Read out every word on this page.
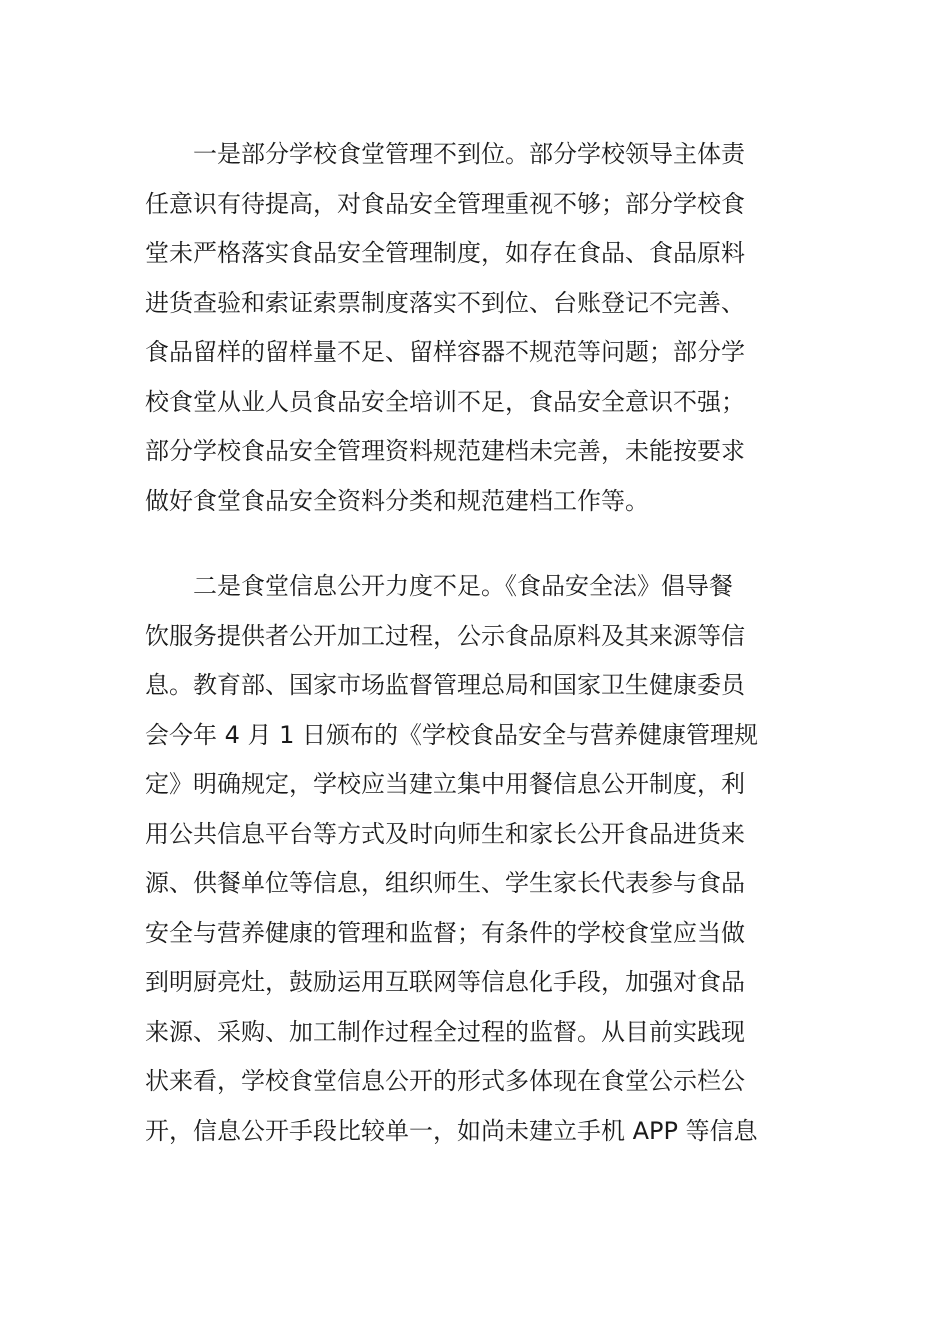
一是部分学校食堂管理不到位。部分学校领导主体责
任意识有待提高，对食品安全管理重视不够；部分学校食
堂未严格落实食品安全管理制度，如存在食品、食品原料
进货查验和索证索票制度落实不到位、台账登记不完善、
食品留样的留样量不足、留样容器不规范等问题；部分学
校食堂从业人员食品安全培训不足，食品安全意识不强；
部分学校食品安全管理资料规范建档未完善，未能按要求
做好食堂食品安全资料分类和规范建档工作等。
二是食堂信息公开力度不足。《食品安全法》倡导餐
饮服务提供者公开加工过程，公示食品原料及其来源等信
息。教育部、国家市场监督管理总局和国家卫生健康委员
会今年 4 月 1 日颁布的《学校食品安全与营养健康管理规
定》明确规定，学校应当建立集中用餐信息公开制度，利
用公共信息平台等方式及时向师生和家长公开食品进货来
源、供餐单位等信息，组织师生、学生家长代表参与食品
安全与营养健康的管理和监督；有条件的学校食堂应当做
到明厨亮灶，鼓励运用互联网等信息化手段，加强对食品
来源、采购、加工制作过程全过程的监督。从目前实践现
状来看，学校食堂信息公开的形式多体现在食堂公示栏公
开，信息公开手段比较单一，如尚未建立手机 APP 等信息
